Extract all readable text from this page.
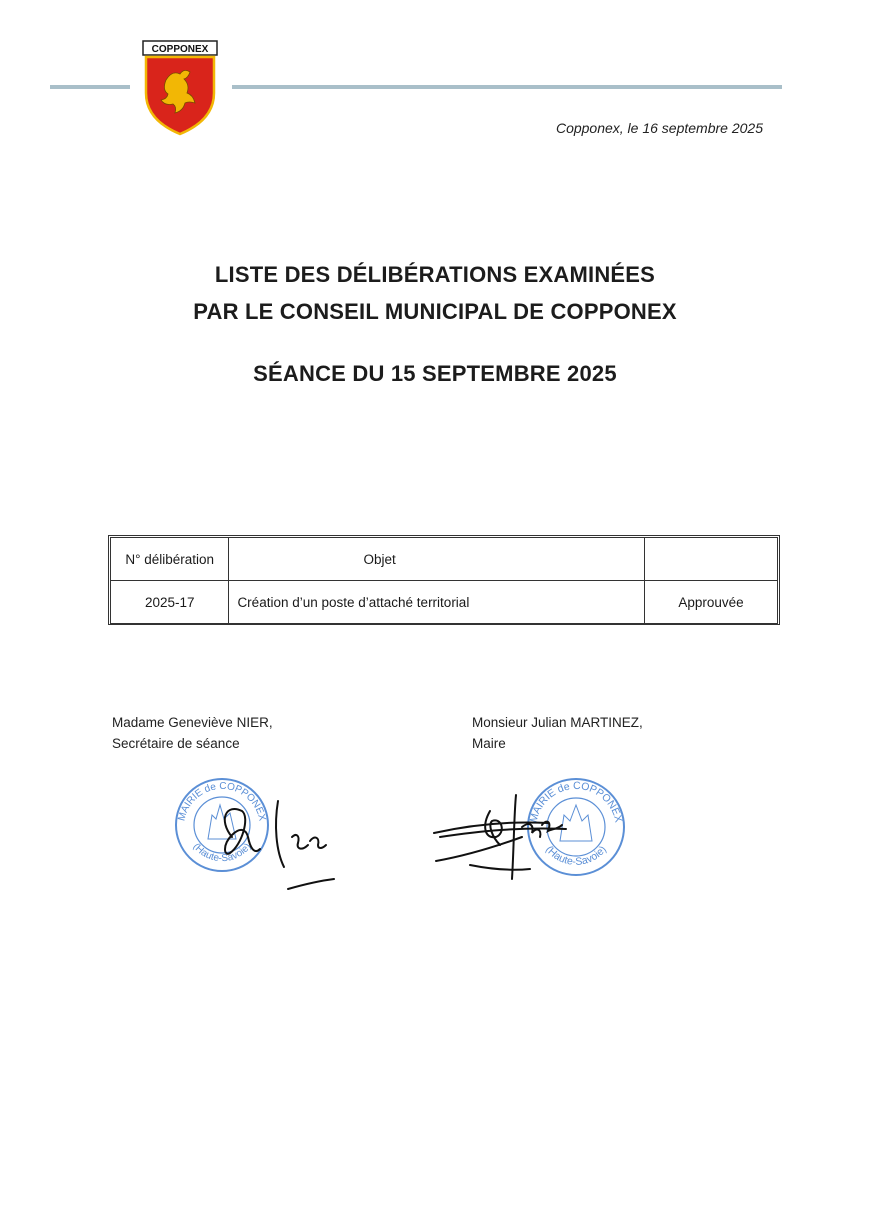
COPPONEX
Copponex, le 16 septembre 2025
LISTE DES DÉLIBÉRATIONS EXAMINÉES
PAR LE CONSEIL MUNICIPAL DE COPPONEX
SÉANCE DU 15 SEPTEMBRE 2025
N° délibération	Objet	
2025-17	Création d’un poste d’attaché territorial	Approuvée
Madame Geneviève NIER,
Secrétaire de séance
Monsieur Julian MARTINEZ,
Maire
MAIRIE de COPPONEX
(Haute-Savoie)
MAIRIE de COPPONEX
(Haute-Savoie)
